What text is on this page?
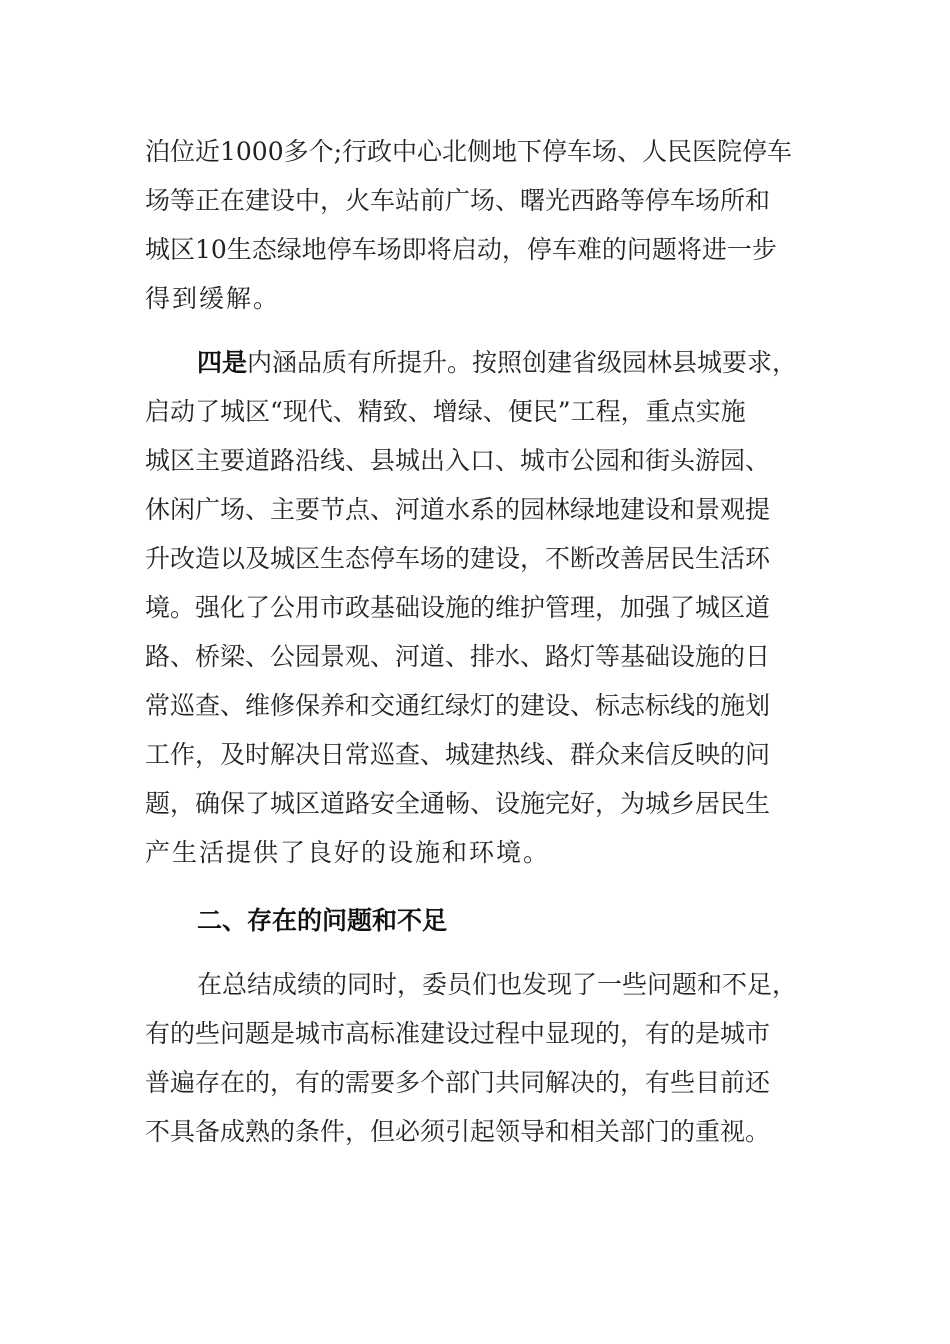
泊位近1000多个;行政中心北侧地下停车场、人民医院停车
场等正在建设中，火车站前广场、曙光西路等停车场所和
城区10生态绿地停车场即将启动，停车难的问题将进一步
得到缓解。
四是内涵品质有所提升。按照创建省级园林县城要求，
启动了城区“现代、精致、增绿、便民”工程，重点实施
城区主要道路沿线、县城出入口、城市公园和街头游园、
休闲广场、主要节点、河道水系的园林绿地建设和景观提
升改造以及城区生态停车场的建设，不断改善居民生活环
境。强化了公用市政基础设施的维护管理，加强了城区道
路、桥梁、公园景观、河道、排水、路灯等基础设施的日
常巡查、维修保养和交通红绿灯的建设、标志标线的施划
工作，及时解决日常巡查、城建热线、群众来信反映的问
题，确保了城区道路安全通畅、设施完好，为城乡居民生
产生活提供了良好的设施和环境。
二、存在的问题和不足
在总结成绩的同时，委员们也发现了一些问题和不足，
有的些问题是城市高标准建设过程中显现的，有的是城市
普遍存在的，有的需要多个部门共同解决的，有些目前还
不具备成熟的条件，但必须引起领导和相关部门的重视。
